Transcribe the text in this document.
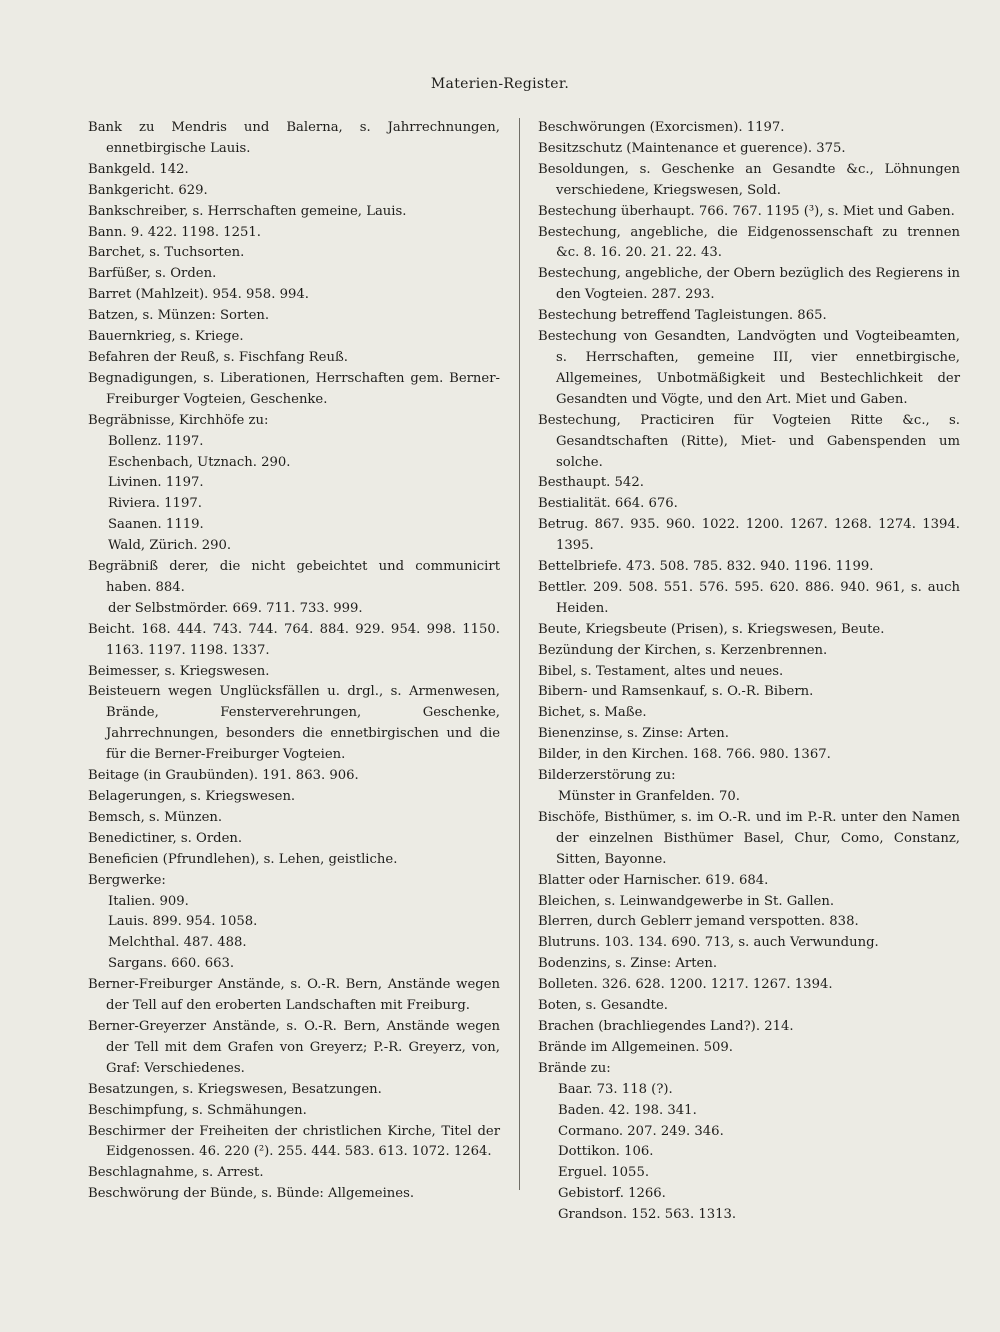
Materien-Register.
Bank zu Mendris und Balerna, s. Jahrrechnungen, ennetbirgische Lauis.
Bankgeld. 142.
Bankgericht. 629.
Bankschreiber, s. Herrschaften gemeine, Lauis.
Bann. 9. 422. 1198. 1251.
Barchet, s. Tuchsorten.
Barfüßer, s. Orden.
Barret (Mahlzeit). 954. 958. 994.
Batzen, s. Münzen: Sorten.
Bauernkrieg, s. Kriege.
Befahren der Reuß, s. Fischfang Reuß.
Begnadigungen, s. Liberationen, Herrschaften gem. Berner-Freiburger Vogteien, Geschenke.
Begräbnisse, Kirchhöfe zu:
Bollenz. 1197.
Eschenbach, Utznach. 290.
Livinen. 1197.
Riviera. 1197.
Saanen. 1119.
Wald, Zürich. 290.
Begräbniß derer, die nicht gebeichtet und communicirt haben. 884.
der Selbstmörder. 669. 711. 733. 999.
Beicht. 168. 444. 743. 744. 764. 884. 929. 954. 998. 1150. 1163. 1197. 1198. 1337.
Beimesser, s. Kriegswesen.
Beisteuern wegen Unglücksfällen u. drgl., s. Armenwesen, Brände, Fensterverehrungen, Geschenke, Jahrrechnungen, besonders die ennetbirgischen und die für die Berner-Freiburger Vogteien.
Beitage (in Graubünden). 191. 863. 906.
Belagerungen, s. Kriegswesen.
Bemsch, s. Münzen.
Benedictiner, s. Orden.
Beneficien (Pfrundlehen), s. Lehen, geistliche.
Bergwerke:
Italien. 909.
Lauis. 899. 954. 1058.
Melchthal. 487. 488.
Sargans. 660. 663.
Berner-Freiburger Anstände, s. O.-R. Bern, Anstände wegen der Tell auf den eroberten Landschaften mit Freiburg.
Berner-Greyerzer Anstände, s. O.-R. Bern, Anstände wegen der Tell mit dem Grafen von Greyerz; P.-R. Greyerz, von, Graf: Verschiedenes.
Besatzungen, s. Kriegswesen, Besatzungen.
Beschimpfung, s. Schmähungen.
Beschirmer der Freiheiten der christlichen Kirche, Titel der Eidgenossen. 46. 220 (²). 255. 444. 583. 613. 1072. 1264.
Beschlagnahme, s. Arrest.
Beschwörung der Bünde, s. Bünde: Allgemeines.
Beschwörungen (Exorcismen). 1197.
Besitzschutz (Maintenance et guerence). 375.
Besoldungen, s. Geschenke an Gesandte &c., Löhnungen verschiedene, Kriegswesen, Sold.
Bestechung überhaupt. 766. 767. 1195 (³), s. Miet und Gaben.
Bestechung, angebliche, die Eidgenossenschaft zu trennen &c. 8. 16. 20. 21. 22. 43.
Bestechung, angebliche, der Obern bezüglich des Regierens in den Vogteien. 287. 293.
Bestechung betreffend Tagleistungen. 865.
Bestechung von Gesandten, Landvögten und Vogteibeamten, s. Herrschaften, gemeine III, vier ennetbirgische, Allgemeines, Unbotmäßigkeit und Bestechlichkeit der Gesandten und Vögte, und den Art. Miet und Gaben.
Bestechung, Practiciren für Vogteien Ritte &c., s. Gesandtschaften (Ritte), Miet- und Gabenspenden um solche.
Besthaupt. 542.
Bestialität. 664. 676.
Betrug. 867. 935. 960. 1022. 1200. 1267. 1268. 1274. 1394. 1395.
Bettelbriefe. 473. 508. 785. 832. 940. 1196. 1199.
Bettler. 209. 508. 551. 576. 595. 620. 886. 940. 961, s. auch Heiden.
Beute, Kriegsbeute (Prisen), s. Kriegswesen, Beute.
Bezündung der Kirchen, s. Kerzenbrennen.
Bibel, s. Testament, altes und neues.
Bibern- und Ramsenkauf, s. O.-R. Bibern.
Bichet, s. Maße.
Bienenzinse, s. Zinse: Arten.
Bilder, in den Kirchen. 168. 766. 980. 1367.
Bilderzerstörung zu:
Münster in Granfelden. 70.
Bischöfe, Bisthümer, s. im O.-R. und im P.-R. unter den Namen der einzelnen Bisthümer Basel, Chur, Como, Constanz, Sitten, Bayonne.
Blatter oder Harnischer. 619. 684.
Bleichen, s. Leinwandgewerbe in St. Gallen.
Blerren, durch Geblerr jemand verspotten. 838.
Blutruns. 103. 134. 690. 713, s. auch Verwundung.
Bodenzins, s. Zinse: Arten.
Bolleten. 326. 628. 1200. 1217. 1267. 1394.
Boten, s. Gesandte.
Brachen (brachliegendes Land?). 214.
Brände im Allgemeinen. 509.
Brände zu:
Baar. 73. 118 (?).
Baden. 42. 198. 341.
Cormano. 207. 249. 346.
Dottikon. 106.
Erguel. 1055.
Gebistorf. 1266.
Grandson. 152. 563. 1313.
